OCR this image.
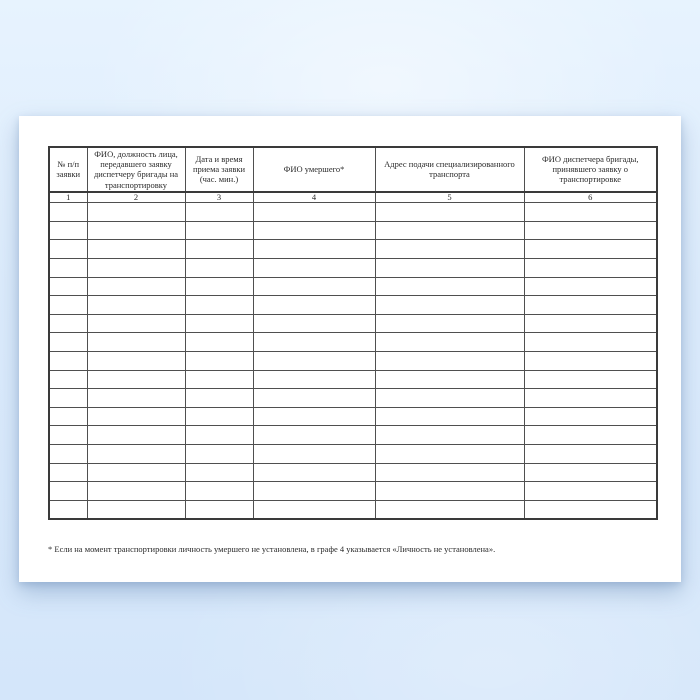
№ п/п заявки	ФИО, должность лица, передавшего заявку диспетчеру бригады на транспортировку	Дата и время приема заявки (час. мин.)	ФИО умершего*	Адрес подачи специализированного транспорта	ФИО диспетчера бригады, принявшего заявку о транспортировке
1	2	3	4	5	6

* Если на момент транспортировки личность умершего не установлена, в графе 4 указывается «Личность не установлена».
